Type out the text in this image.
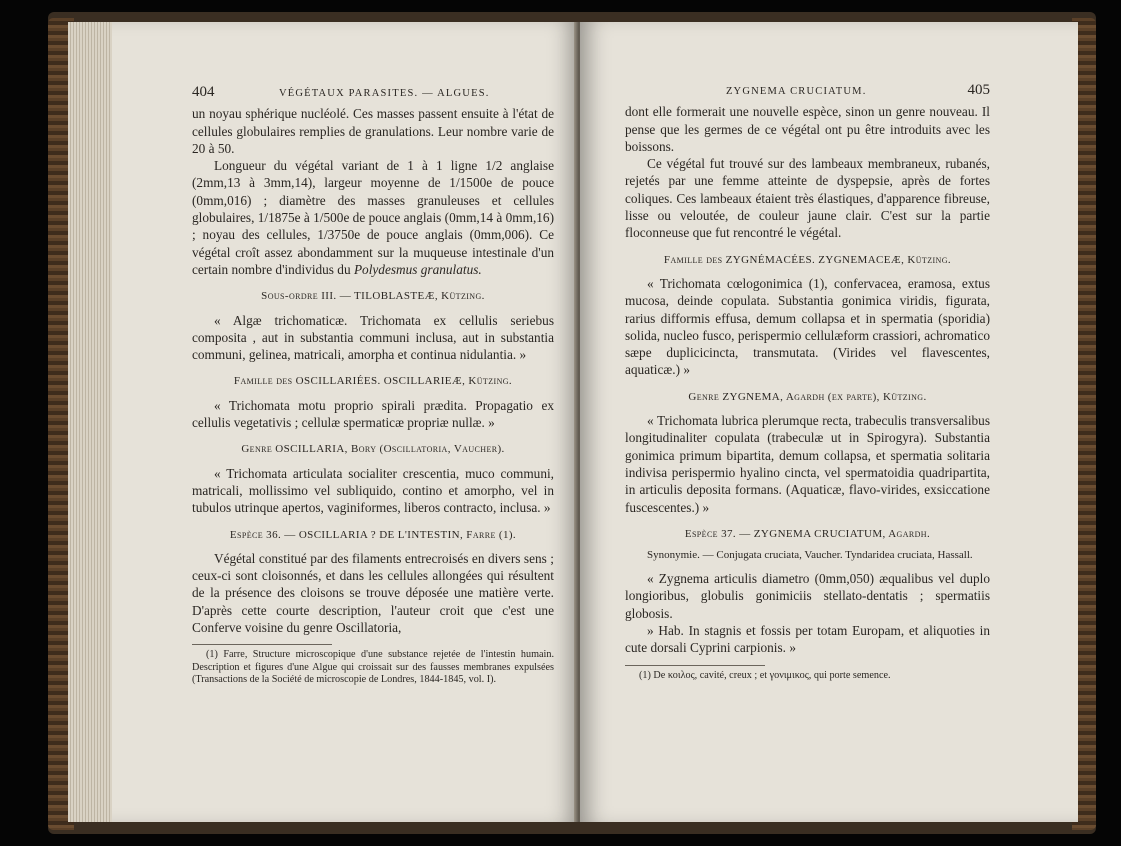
404	VÉGÉTAUX PARASITES. — ALGUES.

un noyau sphérique nucléolé. Ces masses passent ensuite à l'état de cellules globulaires remplies de granulations. Leur nombre varie de 20 à 50.

Longueur du végétal variant de 1 à 1 ligne 1/2 anglaise (2mm,13 à 3mm,14), largeur moyenne de 1/1500e de pouce (0mm,016) ; diamètre des masses granuleuses et cellules globulaires, 1/1875e à 1/500e de pouce anglais (0mm,14 à 0mm,16) ; noyau des cellules, 1/3750e de pouce anglais (0mm,006). Ce végétal croît assez abondamment sur la muqueuse intestinale d'un certain nombre d'individus du Polydesmus granulatus.

Sous-ordre III. — TILOBLASTEÆ, Kützing.

« Algæ trichomaticæ. Trichomata ex cellulis seriebus composita , aut in substantia communi inclusa, aut in substantia communi, gelinea, matricali, amorpha et continua nidulantia. »

Famille des OSCILLARIÉES. OSCILLARIEÆ, Kützing.

« Trichomata motu proprio spirali prædita. Propagatio ex cellulis vegetativis ; cellulæ spermaticæ propriæ nullæ. »

Genre OSCILLARIA, Bory (Oscillatoria, Vaucher).

« Trichomata articulata socialiter crescentia, muco communi, matricali, mollissimo vel subliquido, contino et amorpho, vel in tubulos utrinque apertos, vaginiformes, liberos contracto, inclusa. »

Espèce 36. — OSCILLARIA ? DE L'INTESTIN, Farre (1).

Végétal constitué par des filaments entrecroisés en divers sens ; ceux-ci sont cloisonnés, et dans les cellules allongées qui résultent de la présence des cloisons se trouve déposée une matière verte. D'après cette courte description, l'auteur croit que c'est une Conferve voisine du genre Oscillatoria,

(1) Farre, Structure microscopique d'une substance rejetée de l'intestin humain. Description et figures d'une Algue qui croissait sur des fausses membranes expulsées (Transactions de la Société de microscopie de Londres, 1844-1845, vol. I).

ZYGNEMA CRUCIATUM.	405

dont elle formerait une nouvelle espèce, sinon un genre nouveau. Il pense que les germes de ce végétal ont pu être introduits avec les boissons.

Ce végétal fut trouvé sur des lambeaux membraneux, rubanés, rejetés par une femme atteinte de dyspepsie, après de fortes coliques. Ces lambeaux étaient très élastiques, d'apparence fibreuse, lisse ou veloutée, de couleur jaune clair. C'est sur la partie floconneuse que fut rencontré le végétal.

Famille des ZYGNÉMACÉES. ZYGNEMACEÆ, Kützing.

« Trichomata cœlogonimica (1), confervacea, eramosa, extus mucosa, deinde copulata. Substantia gonimica viridis, figurata, rarius difformis effusa, demum collapsa et in spermatia (sporidia) solida, nucleo fusco, perispermio cellulæform crassiori, achromatico sæpe duplicicincta, transmutata. (Virides vel flavescentes, aquaticæ.) »

Genre ZYGNEMA, Agardh (ex parte), Kützing.

« Trichomata lubrica plerumque recta, trabeculis transversalibus longitudinaliter copulata (trabeculæ ut in Spirogyra). Substantia gonimica primum bipartita, demum collapsa, et spermatia solitaria indivisa perispermio hyalino cincta, vel spermatoidia quadripartita, in articulis deposita formans. (Aquaticæ, flavo-virides, exsiccatione fuscescentes.) »

Espèce 37. — ZYGNEMA CRUCIATUM, Agardh.

Synonymie. — Conjugata cruciata, Vaucher. Tyndaridea cruciata, Hassall.

« Zygnema articulis diametro (0mm,050) æqualibus vel duplo longioribus, globulis gonimiciis stellato-dentatis ; spermatiis globosis.

» Hab. In stagnis et fossis per totam Europam, et aliquoties in cute dorsali Cyprini carpionis. »

(1) De κοιλος, cavité, creux ; et γονιμικος, qui porte semence.
